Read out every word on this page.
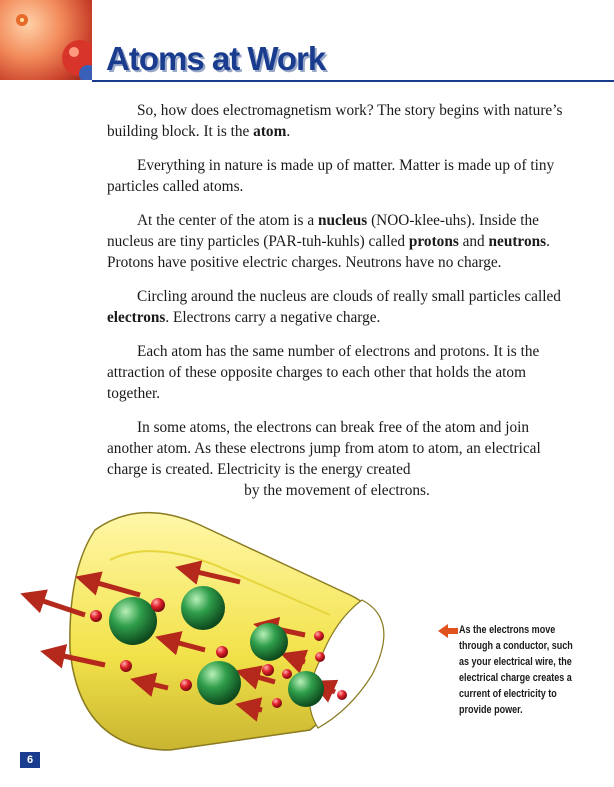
Atoms at Work

So, how does electromagnetism work? The story begins with nature’s building block. It is the atom.

Everything in nature is made up of matter. Matter is made up of tiny particles called atoms.

At the center of the atom is a nucleus (NOO-klee-uhs). Inside the nucleus are tiny particles (PAR-tuh-kuhls) called protons and neutrons. Protons have positive electric charges. Neutrons have no charge.

Circling around the nucleus are clouds of really small particles called electrons. Electrons carry a negative charge.

Each atom has the same number of electrons and protons. It is the attraction of these opposite charges to each other that holds the atom together.

In some atoms, the electrons can break free of the atom and join another atom. As these electrons jump from atom to atom, an electrical charge is created. Electricity is the energy created
by the movement of electrons.

As the electrons move through a conductor, such as your electrical wire, the electrical charge creates a current of electricity to provide power.
6
